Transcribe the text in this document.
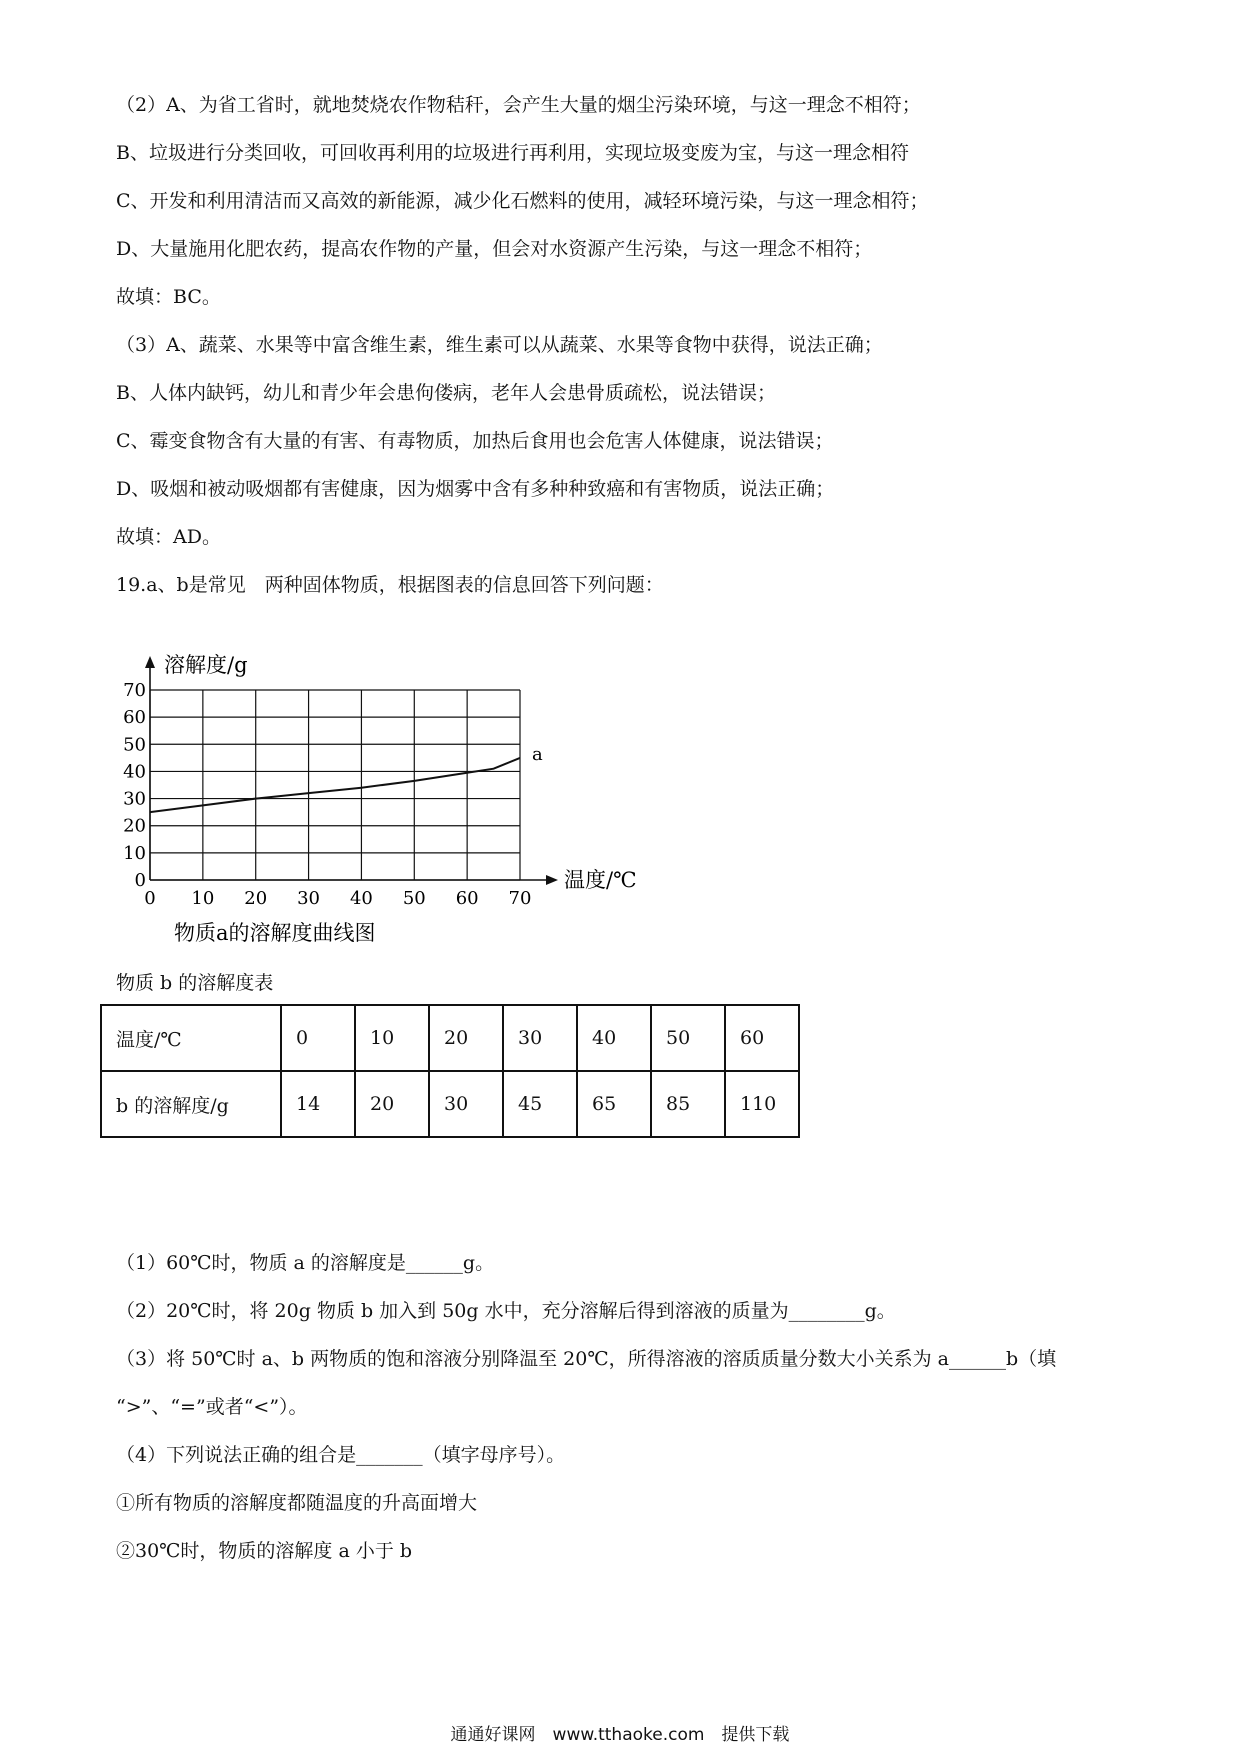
（2）A、为省工省时，就地焚烧农作物秸秆，会产生大量的烟尘污染环境，与这一理念不相符；
B、垃圾进行分类回收，可回收再利用的垃圾进行再利用，实现垃圾变废为宝，与这一理念相符
C、开发和利用清洁而又高效的新能源，减少化石燃料的使用，减轻环境污染，与这一理念相符；
D、大量施用化肥农药，提高农作物的产量，但会对水资源产生污染，与这一理念不相符；
故填：BC。
（3）A、蔬菜、水果等中富含维生素，维生素可以从蔬菜、水果等食物中获得，说法正确；
B、人体内缺钙，幼儿和青少年会患佝偻病，老年人会患骨质疏松，说法错误；
C、霉变食物含有大量的有害、有毒物质，加热后食用也会危害人体健康，说法错误；
D、吸烟和被动吸烟都有害健康，因为烟雾中含有多种种致癌和有害物质，说法正确；
故填：AD。
19.a、b是常见　两种固体物质，根据图表的信息回答下列问题：
0 10 20 30 40 50 60 70
0
10
20
30
40
50
60
70
a
溶解度/g
温度/℃
物质a的溶解度曲线图
物质 b 的溶解度表
温度/℃	0	10	20	30	40	50	60
b 的溶解度/g	14	20	30	45	65	85	110
（1）60℃时，物质 a 的溶解度是______g。
（2）20℃时，将 20g 物质 b 加入到 50g 水中，充分溶解后得到溶液的质量为________g。
（3）将 50℃时 a、b 两物质的饱和溶液分别降温至 20℃，所得溶液的溶质质量分数大小关系为 a______b（填
“>”、“=”或者“<”）。
（4）下列说法正确的组合是_______（填字母序号）。
①所有物质的溶解度都随温度的升高面增大
②30℃时，物质的溶解度 a 小于 b
通通好课网　www.tthaoke.com　提供下载
